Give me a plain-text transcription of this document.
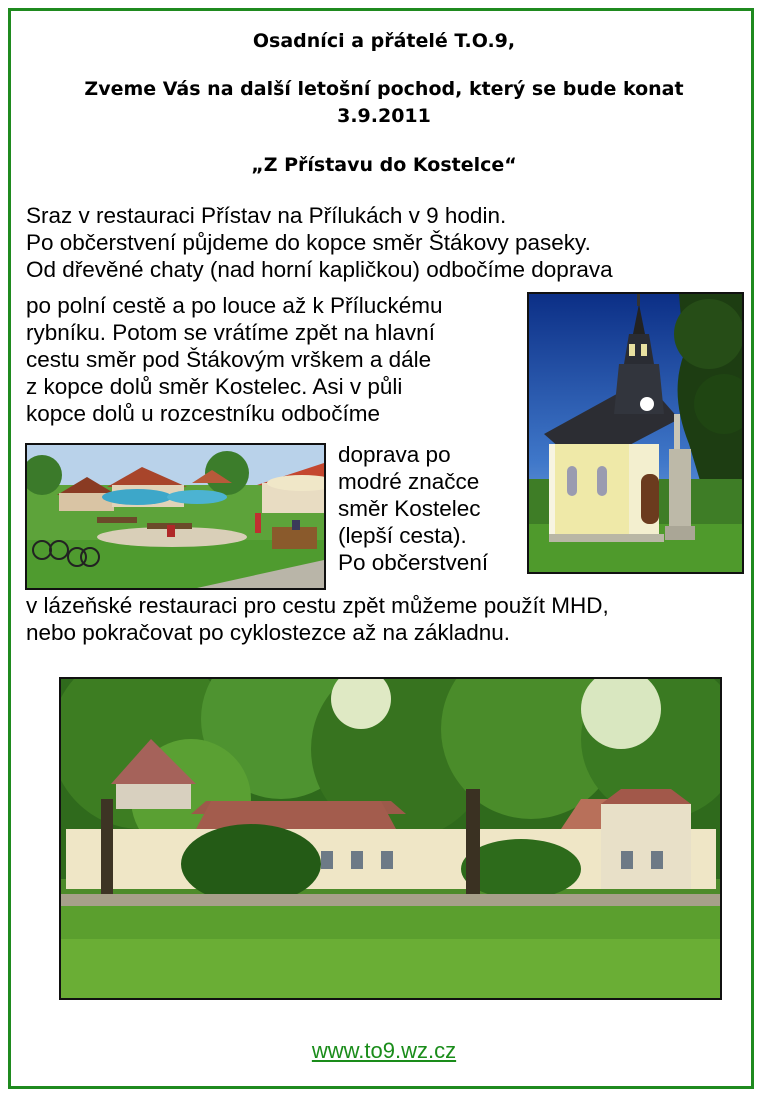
Osadníci a přátelé T.O.9,
Zveme Vás na další letošní pochod, který se bude konat
3.9.2011
„Z Přístavu do Kostelce“
Sraz v restauraci Přístav na Přílukách v 9 hodin.
Po občerstvení půjdeme do kopce směr Štákovy paseky.
Od dřevěné chaty (nad horní kapličkou) odbočíme doprava
po polní cestě a po louce až k Příluckému
rybníku. Potom se vrátíme zpět na hlavní
cestu směr pod Štákovým vrškem a dále
z kopce dolů směr Kostelec. Asi v půli
kopce dolů u rozcestníku odbočíme
doprava po
modré značce
směr Kostelec
(lepší cesta).
Po občerstvení
v lázeňské restauraci pro cestu zpět můžeme použít MHD,
nebo pokračovat po cyklostezce až na základnu.
www.to9.wz.cz
